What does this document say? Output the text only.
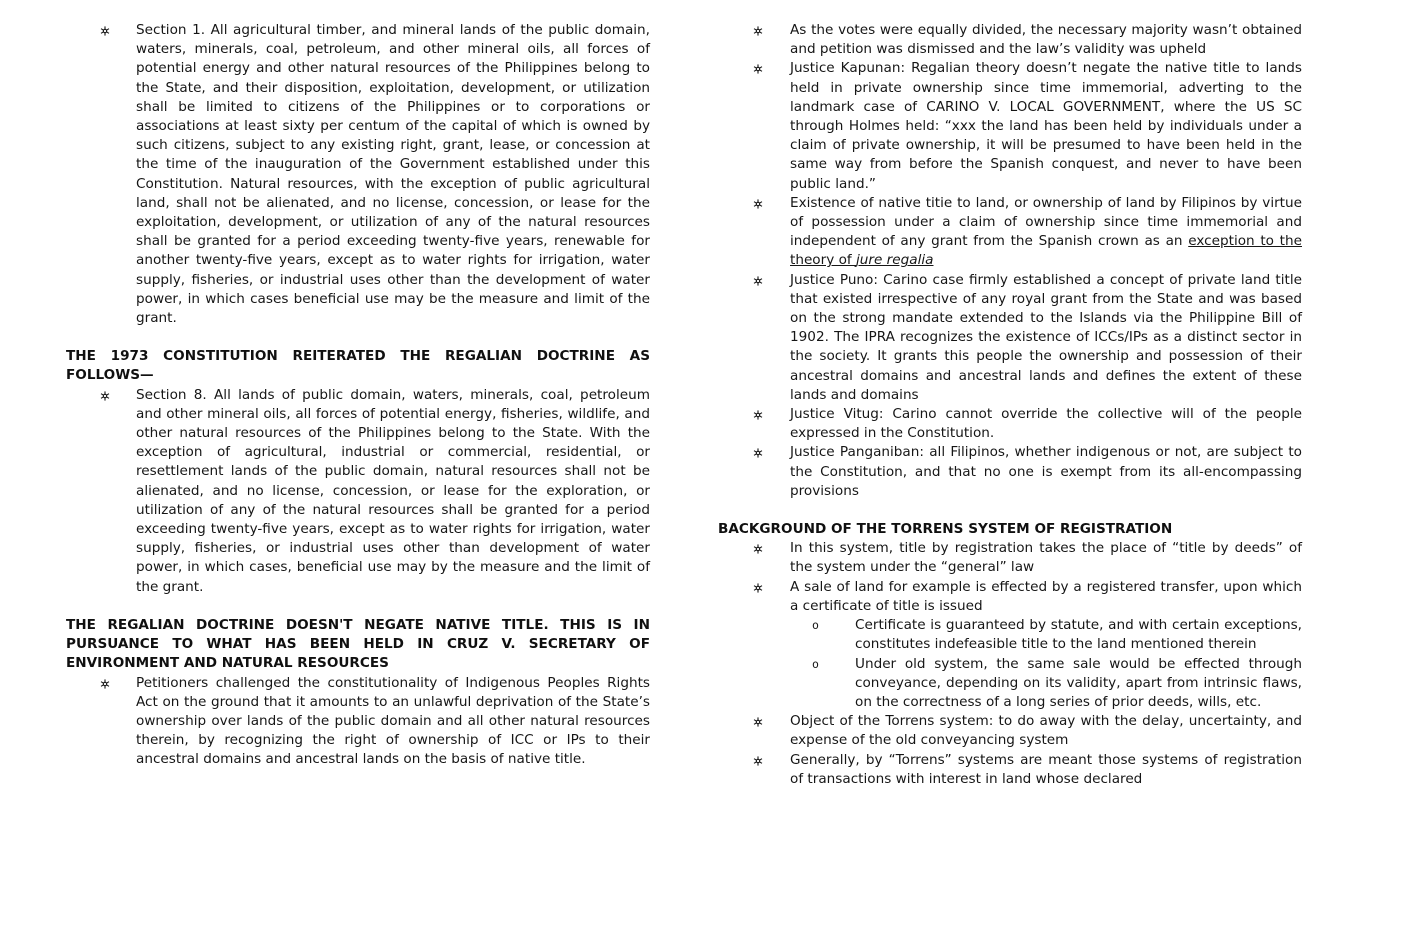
Section 1. All agricultural timber, and mineral lands of the public domain, waters, minerals, coal, petroleum, and other mineral oils, all forces of potential energy and other natural resources of the Philippines belong to the State, and their disposition, exploitation, development, or utilization shall be limited to citizens of the Philippines or to corporations or associations at least sixty per centum of the capital of which is owned by such citizens, subject to any existing right, grant, lease, or concession at the time of the inauguration of the Government established under this Constitution. Natural resources, with the exception of public agricultural land, shall not be alienated, and no license, concession, or lease for the exploitation, development, or utilization of any of the natural resources shall be granted for a period exceeding twenty-five years, renewable for another twenty-five years, except as to water rights for irrigation, water supply, fisheries, or industrial uses other than the development of water power, in which cases beneficial use may be the measure and limit of the grant.

THE 1973 CONSTITUTION REITERATED THE REGALIAN DOCTRINE AS FOLLOWS—

Section 8. All lands of public domain, waters, minerals, coal, petroleum and other mineral oils, all forces of potential energy, fisheries, wildlife, and other natural resources of the Philippines belong to the State. With the exception of agricultural, industrial or commercial, residential, or resettlement lands of the public domain, natural resources shall not be alienated, and no license, concession, or lease for the exploration, or utilization of any of the natural resources shall be granted for a period exceeding twenty-five years, except as to water rights for irrigation, water supply, fisheries, or industrial uses other than development of water power, in which cases, beneficial use may by the measure and the limit of the grant.

THE REGALIAN DOCTRINE DOESN'T NEGATE NATIVE TITLE. THIS IS IN PURSUANCE TO WHAT HAS BEEN HELD IN CRUZ V. SECRETARY OF ENVIRONMENT AND NATURAL RESOURCES

Petitioners challenged the constitutionality of Indigenous Peoples Rights Act on the ground that it amounts to an unlawful deprivation of the State’s ownership over lands of the public domain and all other natural resources therein, by recognizing the right of ownership of ICC or IPs to their ancestral domains and ancestral lands on the basis of native title.

As the votes were equally divided, the necessary majority wasn’t obtained and petition was dismissed and the law’s validity was upheld

Justice Kapunan: Regalian theory doesn’t negate the native title to lands held in private ownership since time immemorial, adverting to the landmark case of CARINO V. LOCAL GOVERNMENT, where the US SC through Holmes held: “xxx the land has been held by individuals under a claim of private ownership, it will be presumed to have been held in the same way from before the Spanish conquest, and never to have been public land.”

Existence of native titie to land, or ownership of land by Filipinos by virtue of possession under a claim of ownership since time immemorial and independent of any grant from the Spanish crown as an exception to the theory of jure regalia

Justice Puno: Carino case firmly established a concept of private land title that existed irrespective of any royal grant from the State and was based on the strong mandate extended to the Islands via the Philippine Bill of 1902. The IPRA recognizes the existence of ICCs/IPs as a distinct sector in the society. It grants this people the ownership and possession of their ancestral domains and ancestral lands and defines the extent of these lands and domains

Justice Vitug: Carino cannot override the collective will of the people expressed in the Constitution.

Justice Panganiban: all Filipinos, whether indigenous or not, are subject to the Constitution, and that no one is exempt from its all-encompassing provisions

BACKGROUND OF THE TORRENS SYSTEM OF REGISTRATION

In this system, title by registration takes the place of “title by deeds” of the system under the “general” law

A sale of land for example is effected by a registered transfer, upon which a certificate of title is issued

o	Certificate is guaranteed by statute, and with certain exceptions, constitutes indefeasible title to the land mentioned therein

o	Under old system, the same sale would be effected through conveyance, depending on its validity, apart from intrinsic flaws, on the correctness of a long series of prior deeds, wills, etc.

Object of the Torrens system: to do away with the delay, uncertainty, and expense of the old conveyancing system

Generally, by “Torrens” systems are meant those systems of registration of transactions with interest in land whose declared
